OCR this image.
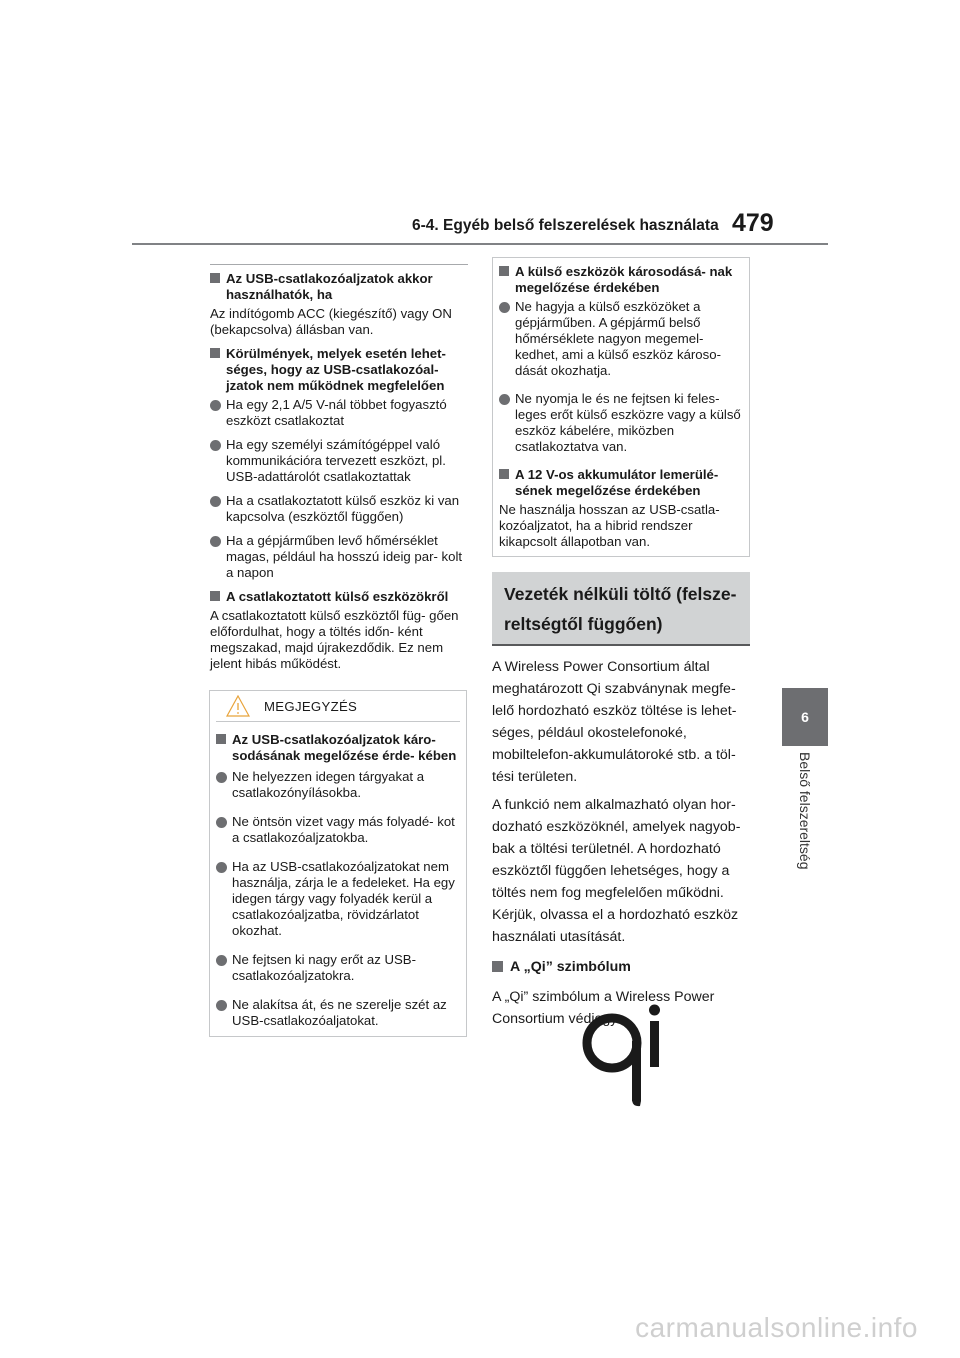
6-4. Egyéb belső felszerelések használata 479
6
Belső felszereltség
Az USB-csatlakozóaljzatok akkor használhatók, ha
Az indítógomb ACC (kiegészítő) vagy ON (bekapcsolva) állásban van.
Körülmények, melyek esetén lehet- séges, hogy az USB-csatlakozóal- jzatok nem működnek megfelelően
Ha egy 2,1 A/5 V-nál többet fogyasztó eszközt csatlakoztat
Ha egy személyi számítógéppel való kommunikációra tervezett eszközt, pl. USB-adattárolót csatlakoztattak
Ha a csatlakoztatott külső eszköz ki van kapcsolva (eszköztől függően)
Ha a gépjárműben levő hőmérséklet magas, például ha hosszú ideig par- kolt a napon
A csatlakoztatott külső eszközökről
A csatlakoztatott külső eszköztől füg- gően előfordulhat, hogy a töltés időn- ként megszakad, majd újrakezdődik. Ez nem jelent hibás működést.
MEGJEGYZÉS
Az USB-csatlakozóaljzatok káro- sodásának megelőzése érde- kében
Ne helyezzen idegen tárgyakat a csatlakozónyílásokba.
Ne öntsön vizet vagy más folyadé- kot a csatlakozóaljzatokba.
Ha az USB-csatlakozóaljzatokat nem használja, zárja le a fedeleket. Ha egy idegen tárgy vagy folyadék kerül a csatlakozóaljzatba, rövidzárlatot okozhat.
Ne fejtsen ki nagy erőt az USB- csatlakozóaljzatokra.
Ne alakítsa át, és ne szerelje szét az USB-csatlakozóaljatokat.
A külső eszközök károsodásá- nak megelőzése érdekében
Ne hagyja a külső eszközöket a gépjárműben. A gépjármű belső hőmérséklete nagyon megemel- kedhet, ami a külső eszköz károso- dását okozhatja.
Ne nyomja le és ne fejtsen ki feles- leges erőt külső eszközre vagy a külső eszköz kábelére, miközben csatlakoztatva van.
A 12 V-os akkumulátor lemerülé- sének megelőzése érdekében
Ne használja hosszan az USB-csatla- kozóaljzatot, ha a hibrid rendszer kikapcsolt állapotban van.
Vezeték nélküli töltő (felsze- reltségtől függően)
A Wireless Power Consortium által meghatározott Qi szabványnak megfe- lelő hordozható eszköz töltése is lehet- séges, például okostelefonoké, mobiltelefon-akkumulátoroké stb. a töl- tési területen.
A funkció nem alkalmazható olyan hor- dozható eszközöknél, amelyek nagyob- bak a töltési területnél. A hordozható eszköztől függően lehetséges, hogy a töltés nem fog megfelelően működni. Kérjük, olvassa el a hordozható eszköz használati utasítását.
A „Qi” szimbólum
A „Qi” szimbólum a Wireless Power Consortium védjegye.
carmanualsonline.info
